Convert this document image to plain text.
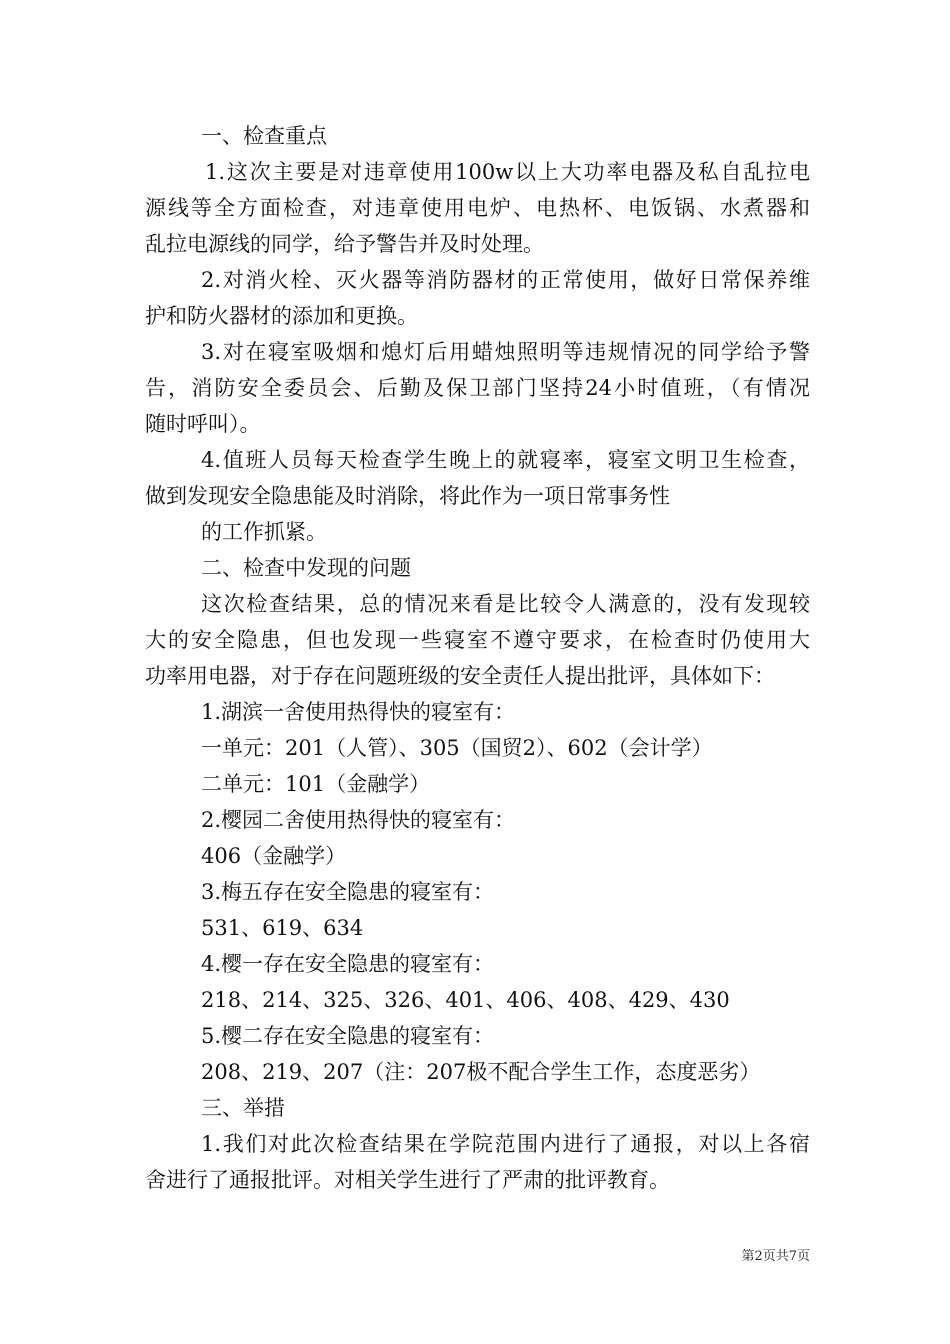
一、检查重点
1.这次主要是对违章使用100w以上大功率电器及私自乱拉电
源线等全方面检查，对违章使用电炉、电热杯、电饭锅、水煮器和
乱拉电源线的同学，给予警告并及时处理。
2.对消火栓、灭火器等消防器材的正常使用，做好日常保养维
护和防火器材的添加和更换。
3.对在寝室吸烟和熄灯后用蜡烛照明等违规情况的同学给予警
告，消防安全委员会、后勤及保卫部门坚持24小时值班，（有情况
随时呼叫）。
4.值班人员每天检查学生晚上的就寝率，寝室文明卫生检查，
做到发现安全隐患能及时消除，将此作为一项日常事务性
的工作抓紧。
二、检查中发现的问题
这次检查结果，总的情况来看是比较令人满意的，没有发现较
大的安全隐患，但也发现一些寝室不遵守要求，在检查时仍使用大
功率用电器，对于存在问题班级的安全责任人提出批评，具体如下：
1.湖滨一舍使用热得快的寝室有：
一单元：201（人管）、305（国贸2）、602（会计学）
二单元：101（金融学）
2.樱园二舍使用热得快的寝室有：
406（金融学）
3.梅五存在安全隐患的寝室有：
531、619、634
4.樱一存在安全隐患的寝室有：
218、214、325、326、401、406、408、429、430
5.樱二存在安全隐患的寝室有：
208、219、207（注：207极不配合学生工作，态度恶劣）
三、举措
1.我们对此次检查结果在学院范围内进行了通报，对以上各宿
舍进行了通报批评。对相关学生进行了严肃的批评教育。
第2页共7页
